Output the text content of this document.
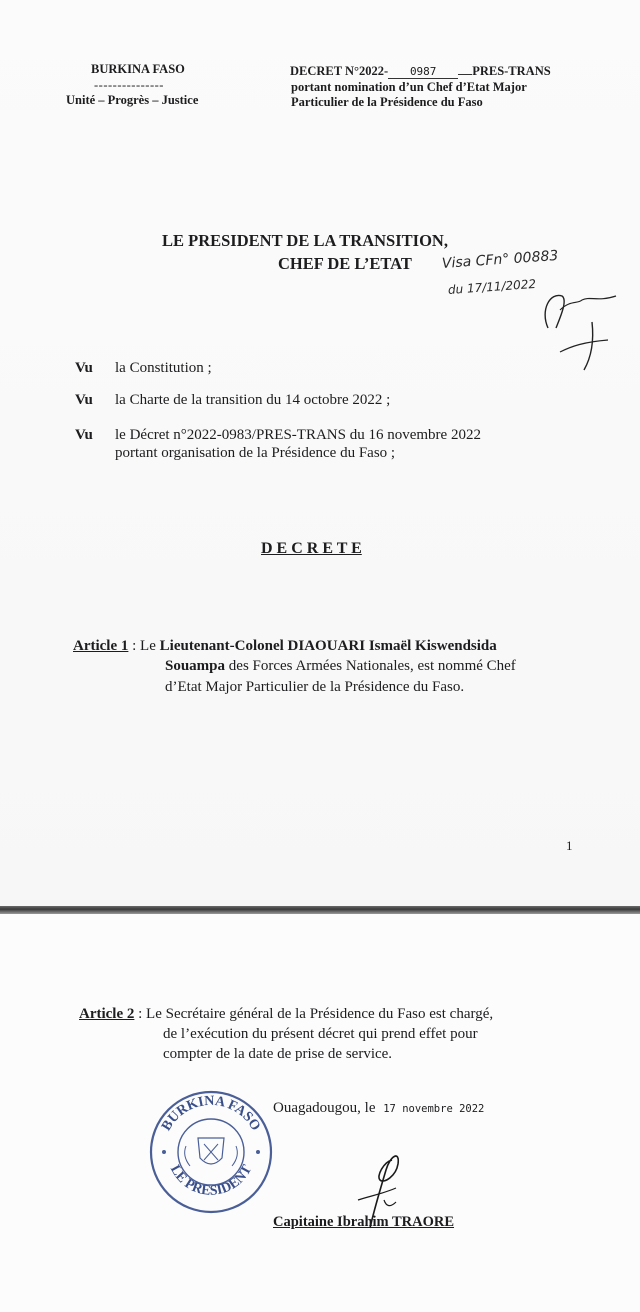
BURKINA FASO
---------------
Unité – Progrès – Justice
DECRET N°2022- 0987	PRES-TRANS
portant nomination d’un Chef d’Etat Major
Particulier de la Présidence du Faso
LE PRESIDENT DE LA TRANSITION,
CHEF DE L’ETAT Visa CFn° 00883
du 17/11/2022
Vu la Constitution ;
Vu la Charte de la transition du 14 octobre 2022 ;
Vu le Décret n°2022-0983/PRES-TRANS du 16 novembre 2022
portant organisation de la Présidence du Faso ;
D E C R E T E
Article 1 : Le Lieutenant-Colonel DIAOUARI Ismaël Kiswendsida
Souampa des Forces Armées Nationales, est nommé Chef
d’Etat Major Particulier de la Présidence du Faso.
1
Article 2 : Le Secrétaire général de la Présidence du Faso est chargé,
de l’exécution du présent décret qui prend effet pour
compter de la date de prise de service.
Ouagadougou, le 17 novembre 2022
BURKINA FASO
LE PRESIDENT
Capitaine Ibrahim TRAORE
